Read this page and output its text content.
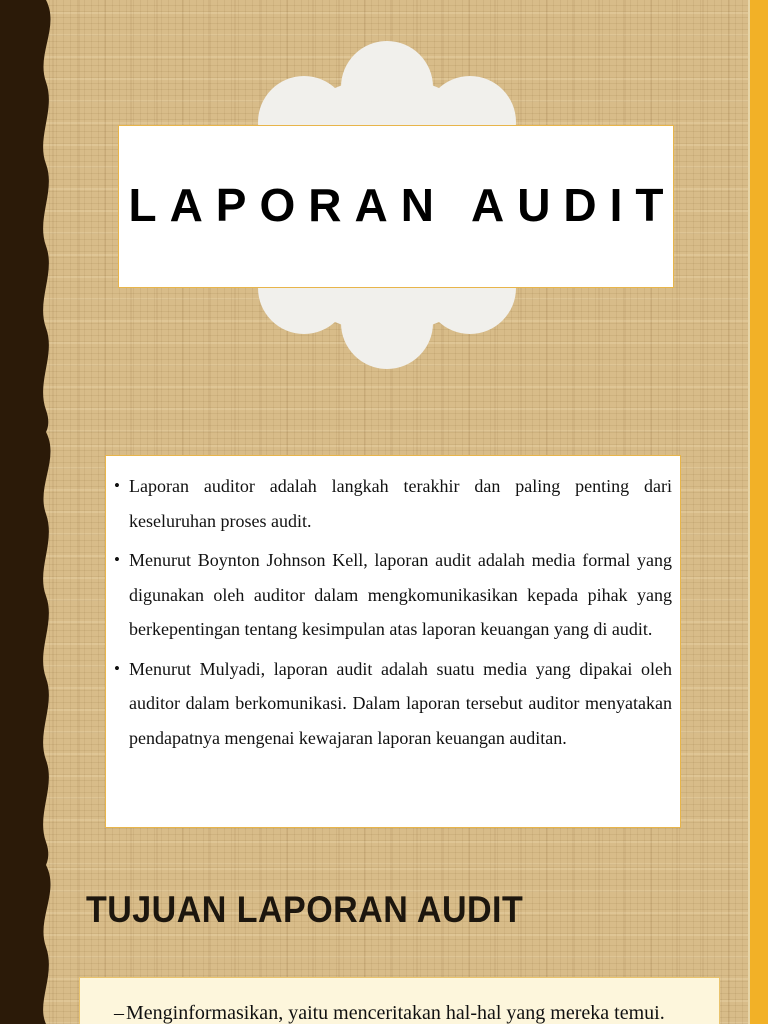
LAPORAN AUDIT
• Laporan auditor adalah langkah terakhir dan paling penting dari keseluruhan proses audit.
• Menurut Boynton Johnson Kell, laporan audit adalah media formal yang digunakan oleh auditor dalam mengkomunikasikan kepada pihak yang berkepentingan tentang kesimpulan atas laporan keuangan yang di audit.
• Menurut Mulyadi, laporan audit adalah suatu media yang dipakai oleh auditor dalam berkomunikasi. Dalam laporan tersebut auditor menyatakan pendapatnya mengenai kewajaran laporan keuangan auditan.
TUJUAN LAPORAN AUDIT
– Menginformasikan, yaitu menceritakan hal-hal yang mereka temui.
